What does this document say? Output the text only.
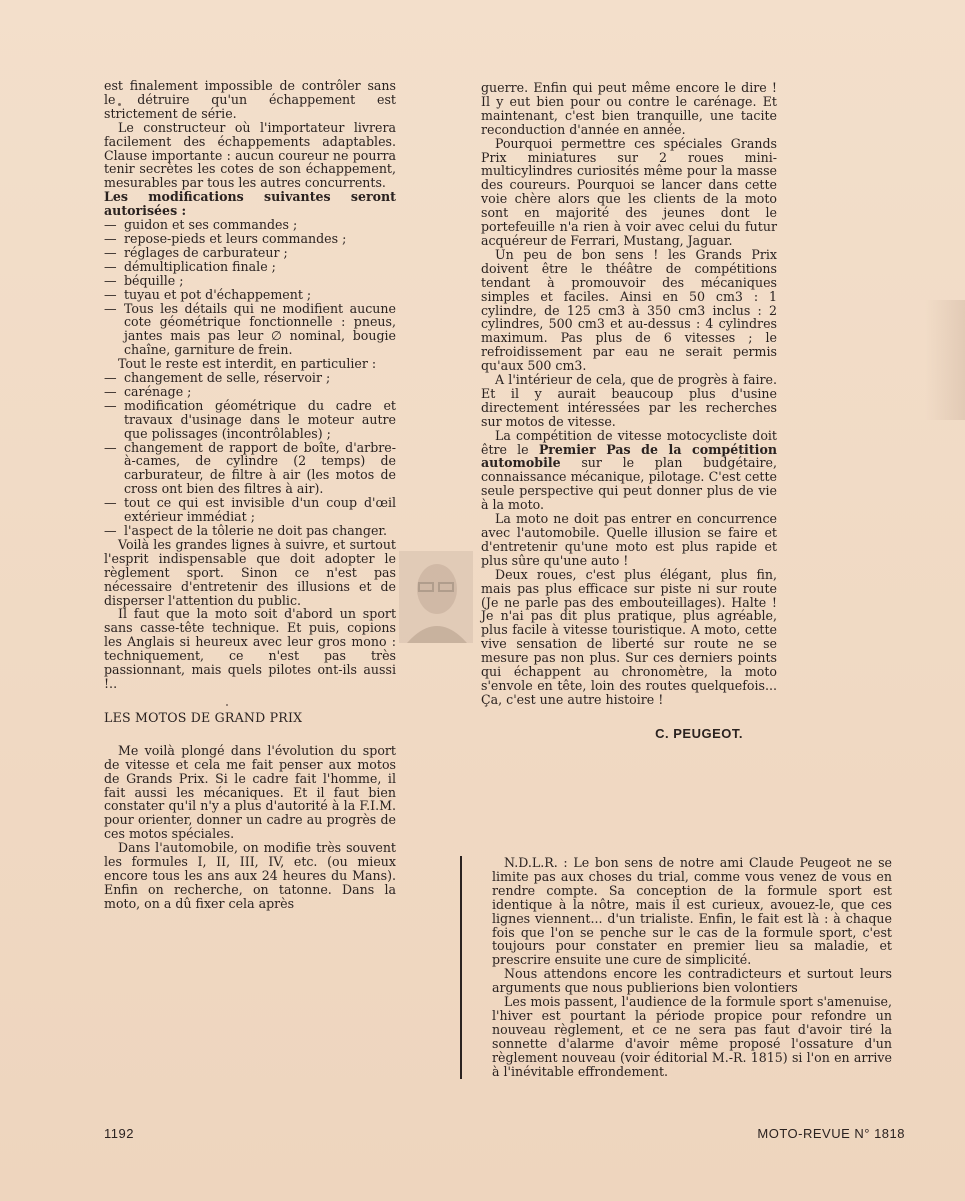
est finalement impossible de contrôler sans le détruire qu'un échappement est strictement de série.

Le constructeur où l'importateur livrera facilement des échappements adaptables. Clause importante : aucun coureur ne pourra tenir secrètes les cotes de son échappement, mesurables par tous les autres concurrents.

Les modifications suivantes seront autorisées :

— guidon et ses commandes ;
— repose-pieds et leurs commandes ;
— réglages de carburateur ;
— démultiplication finale ;
— béquille ;
— tuyau et pot d'échappement ;
— Tous les détails qui ne modifient aucune cote géométrique fonctionnelle : pneus, jantes mais pas leur ∅ nominal, bougie chaîne, garniture de frein.

Tout le reste est interdit, en particulier :

— changement de selle, réservoir ;
— carénage ;
— modification géométrique du cadre et travaux d'usinage dans le moteur autre que polissages (incontrôlables) ;
— changement de rapport de boîte, d'arbre-à-cames, de cylindre (2 temps) de carburateur, de filtre à air (les motos de cross ont bien des filtres à air).
— tout ce qui est invisible d'un coup d'œil extérieur immédiat ;
— l'aspect de la tôlerie ne doit pas changer.

Voilà les grandes lignes à suivre, et surtout l'esprit indispensable que doit adopter le règlement sport. Sinon ce n'est pas nécessaire d'entretenir des illusions et de disperser l'attention du public.

Il faut que la moto soit d'abord un sport sans casse-tête technique. Et puis, copions les Anglais si heureux avec leur gros mono : techniquement, ce n'est pas très passionnant, mais quels pilotes ont-ils aussi !..

LES MOTOS DE GRAND PRIX

Me voilà plongé dans l'évolution du sport de vitesse et cela me fait penser aux motos de Grands Prix. Si le cadre fait l'homme, il fait aussi les mécaniques. Et il faut bien constater qu'il n'y a plus d'autorité à la F.I.M. pour orienter, donner un cadre au progrès de ces motos spéciales.

Dans l'automobile, on modifie très souvent les formules I, II, III, IV, etc. (ou mieux encore tous les ans aux 24 heures du Mans). Enfin on recherche, on tatonne. Dans la moto, on a dû fixer cela après

guerre. Enfin qui peut même encore le dire ! Il y eut bien pour ou contre le carénage. Et maintenant, c'est bien tranquille, une tacite reconduction d'année en année.

Pourquoi permettre ces spéciales Grands Prix miniatures sur 2 roues mini-multicylindres curiosités même pour la masse des coureurs. Pourquoi se lancer dans cette voie chère alors que les clients de la moto sont en majorité des jeunes dont le portefeuille n'a rien à voir avec celui du futur acquéreur de Ferrari, Mustang, Jaguar.

Un peu de bon sens ! les Grands Prix doivent être le théâtre de compétitions tendant à promouvoir des mécaniques simples et faciles. Ainsi en 50 cm3 : 1 cylindre, de 125 cm3 à 350 cm3 inclus : 2 cylindres, 500 cm3 et au-dessus : 4 cylindres maximum. Pas plus de 6 vitesses ; le refroidissement par eau ne serait permis qu'aux 500 cm3.

A l'intérieur de cela, que de progrès à faire. Et il y aurait beaucoup plus d'usine directement intéressées par les recherches sur motos de vitesse.

La compétition de vitesse motocycliste doit être le Premier Pas de la compétition automobile sur le plan budgétaire, connaissance mécanique, pilotage. C'est cette seule perspective qui peut donner plus de vie à la moto.

La moto ne doit pas entrer en concurrence avec l'automobile. Quelle illusion se faire et d'entretenir qu'une moto est plus rapide et plus sûre qu'une auto !

Deux roues, c'est plus élégant, plus fin, mais pas plus efficace sur piste ni sur route (Je ne parle pas des embouteillages). Halte ! Je n'ai pas dit plus pratique, plus agréable, plus facile à vitesse touristique. A moto, cette vive sensation de liberté sur route ne se mesure pas non plus. Sur ces derniers points qui échappent au chronomètre, la moto s'envole en tête, loin des routes quelquefois... Ça, c'est une autre histoire !

C. PEUGEOT.

N.D.L.R. : Le bon sens de notre ami Claude Peugeot ne se limite pas aux choses du trial, comme vous venez de vous en rendre compte. Sa conception de la formule sport est identique à la nôtre, mais il est curieux, avouez-le, que ces lignes viennent... d'un trialiste. Enfin, le fait est là : à chaque fois que l'on se penche sur le cas de la formule sport, c'est toujours pour constater en premier lieu sa maladie, et prescrire ensuite une cure de simplicité.

Nous attendons encore les contradicteurs et surtout leurs arguments que nous publierions bien volontiers

Les mois passent, l'audience de la formule sport s'amenuise, l'hiver est pourtant la période propice pour refondre un nouveau règlement, et ce ne sera pas faut d'avoir tiré la sonnette d'alarme d'avoir même proposé l'ossature d'un règlement nouveau (voir éditorial M.-R. 1815) si l'on en arrive à l'inévitable effrondement.

1192	MOTO-REVUE N° 1818
